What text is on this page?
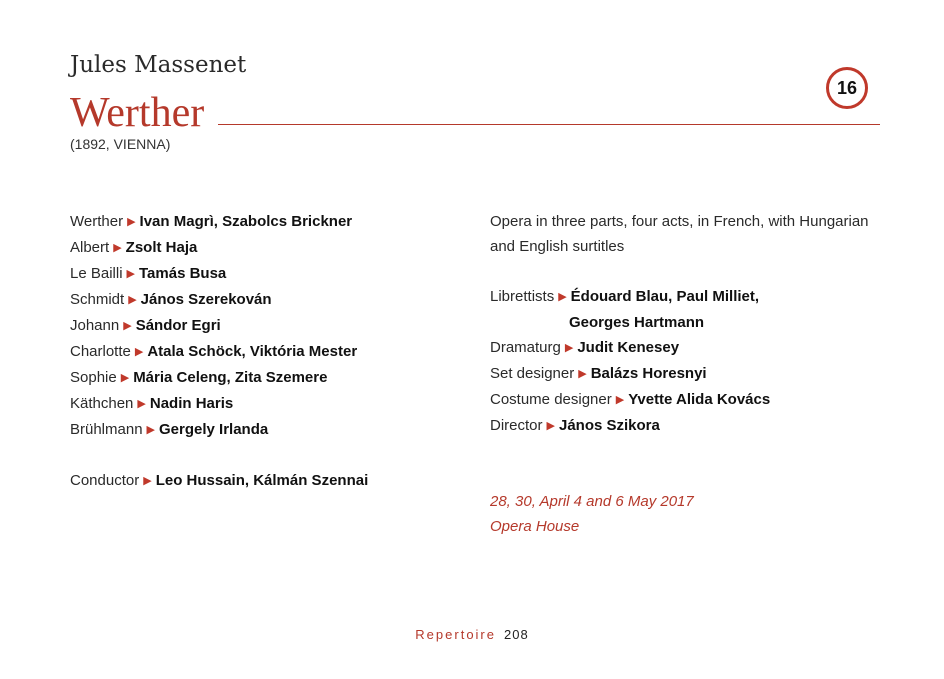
Jules Massenet
Werther
(1892, VIENNA)
16
Werther ▶ Ivan Magrì, Szabolcs Brickner
Albert ▶ Zsolt Haja
Le Bailli ▶ Tamás Busa
Schmidt ▶ János Szerekován
Johann ▶ Sándor Egri
Charlotte ▶ Atala Schöck, Viktória Mester
Sophie ▶ Mária Celeng, Zita Szemere
Käthchen ▶ Nadin Haris
Brühlmann ▶ Gergely Irlanda
Conductor ▶ Leo Hussain, Kálmán Szennai
Opera in three parts, four acts, in French, with Hungarian
and English surtitles
Librettists ▶ Édouard Blau, Paul Milliet,
Georges Hartmann
Dramaturg ▶ Judit Kenesey
Set designer ▶ Balázs Horesnyi
Costume designer ▶ Yvette Alida Kovács
Director ▶ János Szikora
28, 30, April 4 and 6 May 2017
Opera House
Repertoire 208
